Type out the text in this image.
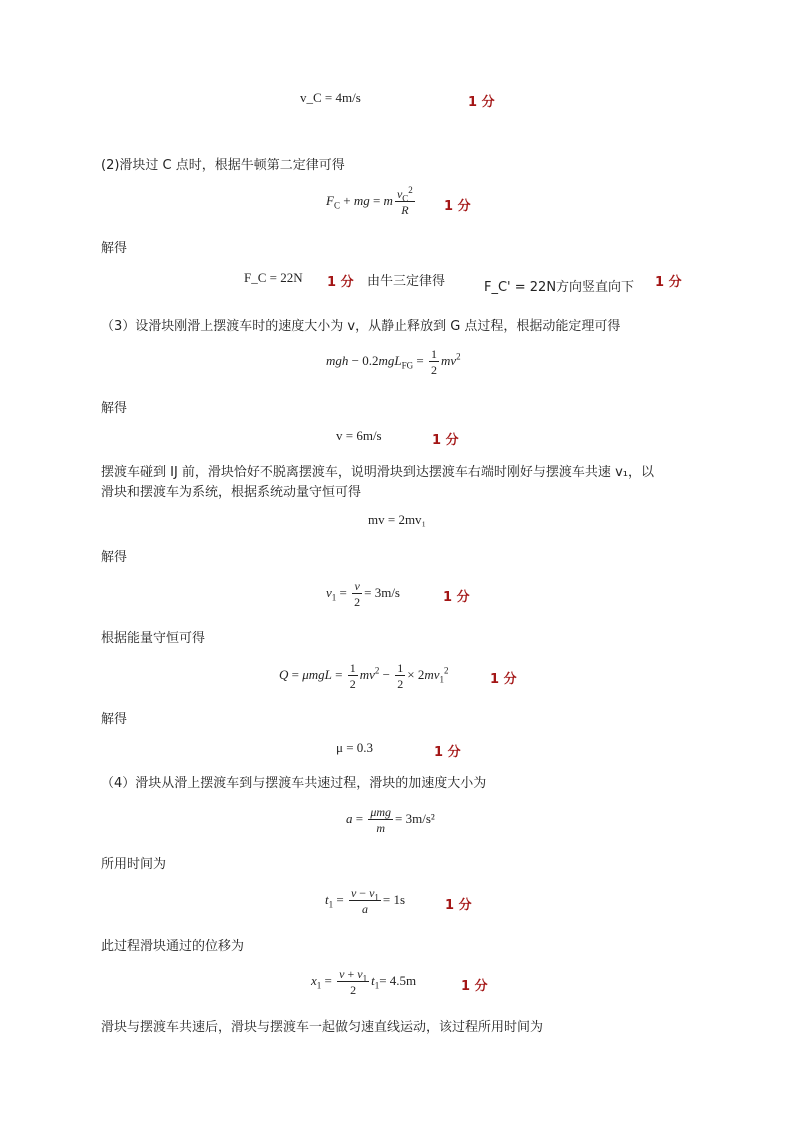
v_C = 4m/s	1 分
(2)滑块过 C 点时，根据牛顿第二定律可得
$F_C$ + mg = m $\frac{v_C^2}{R} 1$ 分
解得
F_C = 22N 1 分 由牛三定律得	F_C' = 22N方向竖直向下 1 分
（3）设滑块刚滑上摆渡车时的速度大小为 v，从静止释放到 G 点过程，根据动能定理可得
mgh − $0.2mgL_{FG} = \frac{1}{2} mv^2$
解得
v = 6m/s	1 分
摆渡车碰到 IJ 前，滑块恰好不脱离摆渡车，说明滑块到达摆渡车右端时刚好与摆渡车共速 v₁，以
滑块和摆渡车为系统，根据系统动量守恒可得
mv = 2mv₁
解得
$v_1 = \frac{v}{2} = 3m/s$	1 分
根据能量守恒可得
$Q = \mu mgL = \frac{1}{2} mv^2 - \frac{1}{2} \times 2mv_1^2$
1 分
解得
μ = 0.3	1 分
（4）滑块从滑上摆渡车到与摆渡车共速过程，滑块的加速度大小为
$a = \frac{\text{μmg}}{m} = 3m/s^2$
所用时间为
$t_1 = \frac{v - v_1}{a} = 1s$	1 分
此过程滑块通过的位移为
$x_1 = \frac{v + v_1}{2} t_1= 4.5m$	1 分
滑块与摆渡车共速后，滑块与摆渡车一起做匀速直线运动，该过程所用时间为
